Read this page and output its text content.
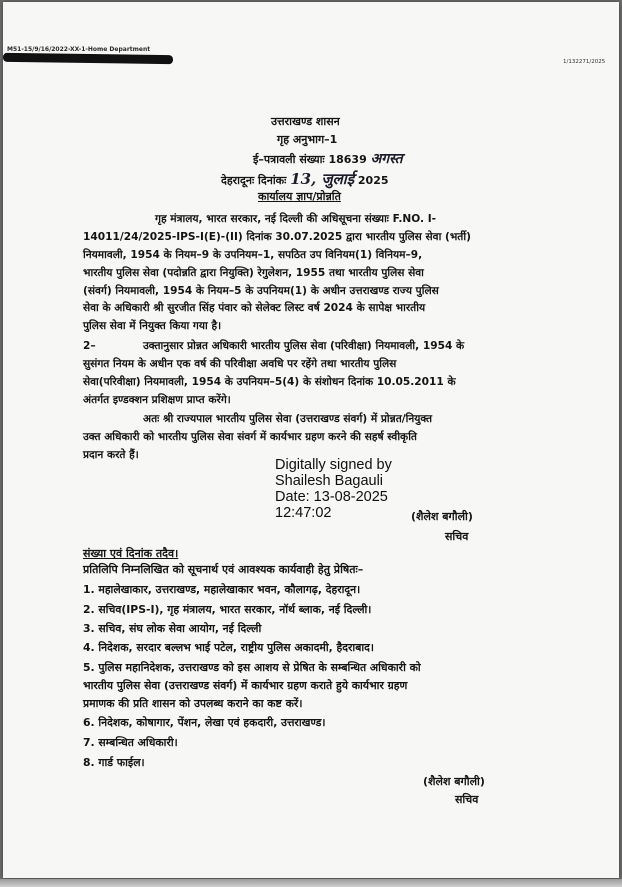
M51-15/9/16/2022-XX-1-Home Department
1/132271/2025
उत्तराखण्ड शासन
गृह अनुभाग–1
ई–पत्रावली संख्याः 18639 अगस्त
देहरादूनः दिनांकः 13, जुलाई 2025
कार्यालय ज्ञाप/प्रोन्नति
गृह मंत्रालय, भारत सरकार, नई दिल्ली की अधिसूचना संख्याः F.NO. I-
14011/24/2025-IPS-I(E)-(II) दिनांक 30.07.2025 द्वारा भारतीय पुलिस सेवा (भर्ती)
नियमावली, 1954 के नियम–9 के उपनियम–1, सपठित उप विनियम(1) विनियम–9,
भारतीय पुलिस सेवा (पदोन्नति द्वारा नियुक्ति) रेगुलेशन, 1955 तथा भारतीय पुलिस सेवा
(संवर्ग) नियमावली, 1954 के नियम–5 के उपनियम(1) के अधीन उत्तराखण्ड राज्य पुलिस
सेवा के अधिकारी श्री सुरजीत सिंह पंवार को सेलेक्ट लिस्ट वर्ष 2024 के सापेक्ष भारतीय
पुलिस सेवा में नियुक्त किया गया है।
2–	उक्तानुसार प्रोन्नत अधिकारी भारतीय पुलिस सेवा (परिवीक्षा) नियमावली, 1954 के
सुसंगत नियम के अधीन एक वर्ष की परिवीक्षा अवधि पर रहेंगे तथा भारतीय पुलिस
सेवा(परिवीक्षा) नियमावली, 1954 के उपनियम–5(4) के संशोधन दिनांक 10.05.2011 के
अंतर्गत इण्डक्शन प्रशिक्षण प्राप्त करेंगे।
अतः श्री राज्यपाल भारतीय पुलिस सेवा (उत्तराखण्ड संवर्ग) में प्रोन्नत/नियुक्त
उक्त अधिकारी को भारतीय पुलिस सेवा संवर्ग में कार्यभार ग्रहण करने की सहर्ष स्वीकृति
प्रदान करते हैं।
Digitally signed by
Shailesh Bagauli
Date: 13-08-2025
12:47:02	(शैलेश बगौली)
सचिव
संख्या एवं दिनांक तदैव।
प्रतिलिपि निम्नलिखित को सूचनार्थ एवं आवश्यक कार्यवाही हेतु प्रेषितः–
1. महालेखाकार, उत्तराखण्ड, महालेखाकार भवन, कौलागढ़, देहरादून।
2. सचिव(IPS-I), गृह मंत्रालय, भारत सरकार, नॉर्थ ब्लाक, नई दिल्ली।
3. सचिव, संघ लोक सेवा आयोग, नई दिल्ली
4. निदेशक, सरदार बल्लभ भाई पटेल, राष्ट्रीय पुलिस अकादमी, हैदराबाद।
5. पुलिस महानिदेशक, उत्तराखण्ड को इस आशय से प्रेषित के सम्बन्धित अधिकारी को
भारतीय पुलिस सेवा (उत्तराखण्ड संवर्ग) में कार्यभार ग्रहण कराते हुये कार्यभार ग्रहण
प्रमाणक की प्रति शासन को उपलब्ध कराने का कष्ट करें।
6. निदेशक, कोषागार, पेंशन, लेखा एवं हकदारी, उत्तराखण्ड।
7. सम्बन्धित अधिकारी।
8. गार्ड फाईल।
(शैलेश बगौली)
सचिव
